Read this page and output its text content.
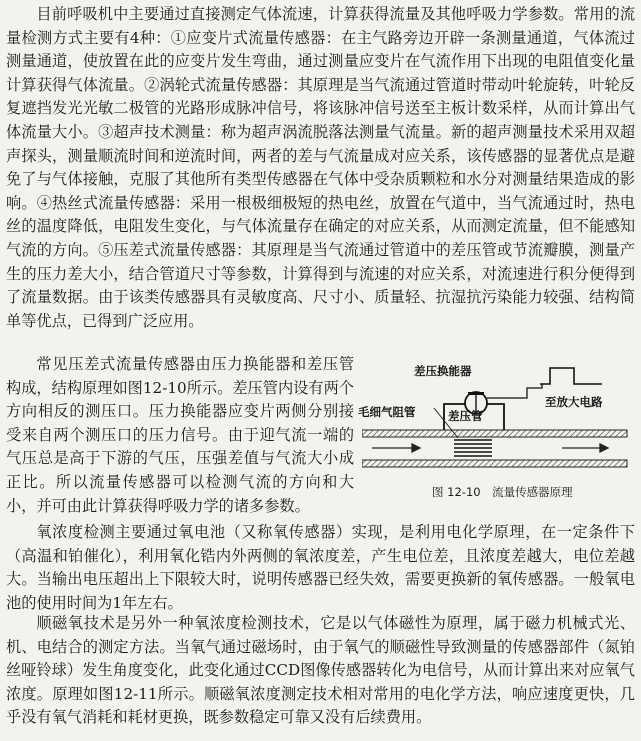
目前呼吸机中主要通过直接测定气体流速，计算获得流量及其他呼吸力学参数。常用的流量检测方式主要有4种：①应变片式流量传感器：在主气路旁边开辟一条测量通道，气体流过测量通道，使放置在此的应变片发生弯曲，通过测量应变片在气流作用下出现的电阻值变化量计算获得气体流量。②涡轮式流量传感器：其原理是当气流通过管道时带动叶轮旋转，叶轮反复遮挡发光光敏二极管的光路形成脉冲信号，将该脉冲信号送至主板计数采样，从而计算出气体流量大小。③超声技术测量：称为超声涡流脱落法测量气流量。新的超声测量技术采用双超声探头，测量顺流时间和逆流时间，两者的差与气流量成对应关系，该传感器的显著优点是避免了与气体接触，克服了其他所有类型传感器在气体中受杂质颗粒和水分对测量结果造成的影响。④热丝式流量传感器：采用一根极细极短的热电丝，放置在气道中，当气流通过时，热电丝的温度降低，电阻发生变化，与气体流量存在确定的对应关系，从而测定流量，但不能感知气流的方向。⑤压差式流量传感器：其原理是当气流通过管道中的差压管或节流瓣膜，测量产生的压力差大小，结合管道尺寸等参数，计算得到与流速的对应关系，对流速进行积分便得到了流量数据。由于该类传感器具有灵敏度高、尺寸小、质量轻、抗湿抗污染能力较强、结构简单等优点，已得到广泛应用。

常见压差式流量传感器由压力换能器和差压管构成，结构原理如图12-10所示。差压管内设有两个方向相反的测压口。压力换能器应变片两侧分别接受来自两个测压口的压力信号。由于迎气流一端的气压总是高于下游的气压，压强差值与气流大小成正比。所以流量传感器可以检测气流的方向和大小，并可由此计算获得呼吸力学的诸多参数。

差压换能器
至放大电路
毛细气阻管	差压管
图 12-10　流量传感器原理

氧浓度检测主要通过氧电池（又称氧传感器）实现，是利用电化学原理，在一定条件下（高温和铂催化），利用氧化锆内外两侧的氧浓度差，产生电位差，且浓度差越大，电位差越大。当输出电压超出上下限较大时，说明传感器已经失效，需要更换新的氧传感器。一般氧电池的使用时间为1年左右。

顺磁氧技术是另外一种氧浓度检测技术，它是以气体磁性为原理，属于磁力机械式光、机、电结合的测定方法。当氧气通过磁场时，由于氧气的顺磁性导致测量的传感器部件（氮铂丝哑铃球）发生角度变化，此变化通过CCD图像传感器转化为电信号，从而计算出来对应氧气浓度。原理如图12-11所示。顺磁氧浓度测定技术相对常用的电化学方法，响应速度更快，几乎没有氧气消耗和耗材更换，既参数稳定可靠又没有后续费用。
